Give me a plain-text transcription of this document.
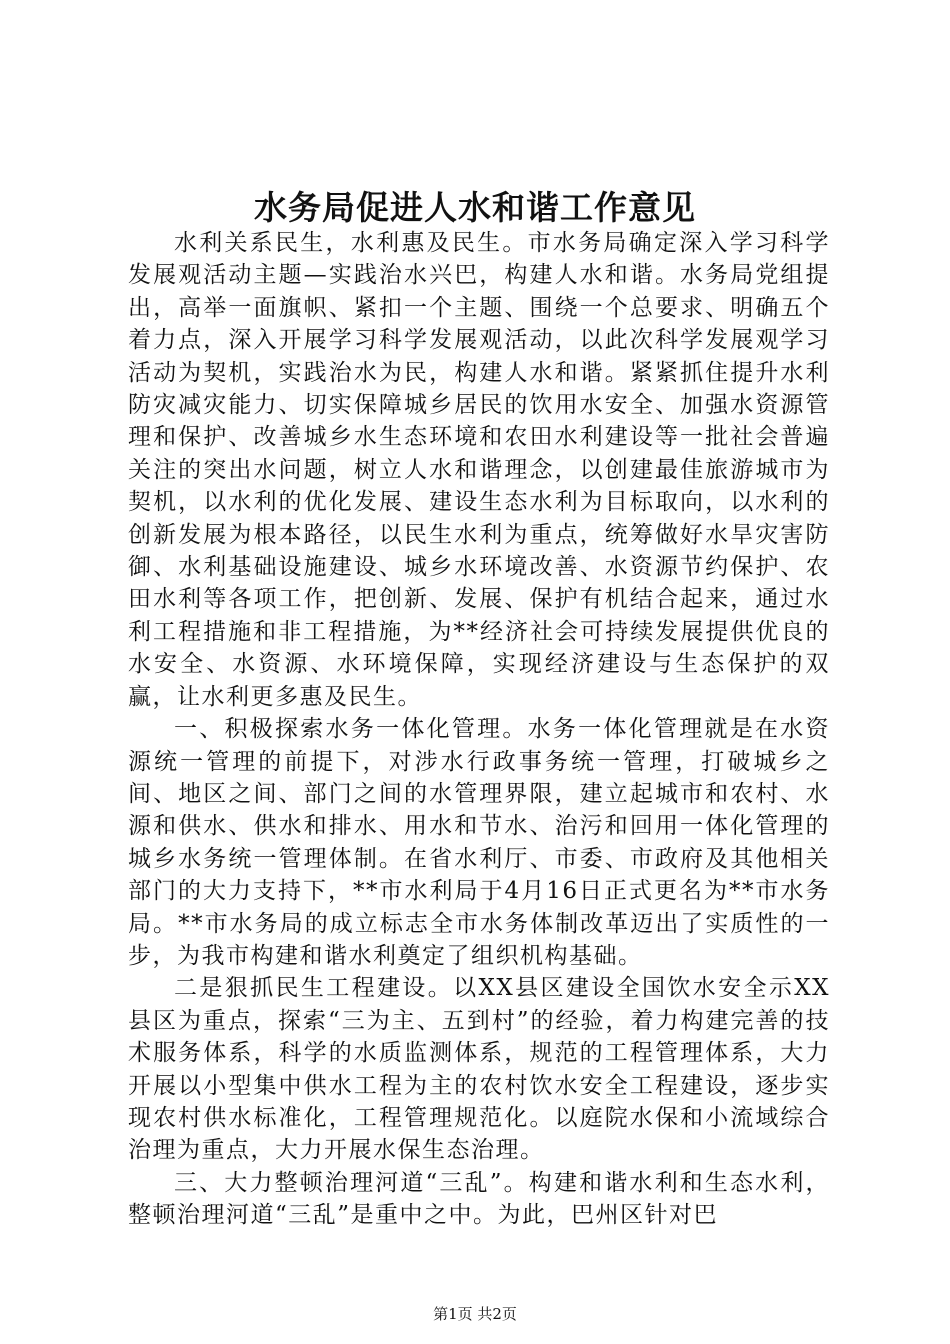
水务局促进人水和谐工作意见

水利关系民生，水利惠及民生。市水务局确定深入学习科学发展观活动主题—实践治水兴巴，构建人水和谐。水务局党组提出，高举一面旗帜、紧扣一个主题、围绕一个总要求、明确五个着力点，深入开展学习科学发展观活动，以此次科学发展观学习活动为契机，实践治水为民，构建人水和谐。紧紧抓住提升水利防灾减灾能力、切实保障城乡居民的饮用水安全、加强水资源管理和保护、改善城乡水生态环境和农田水利建设等一批社会普遍关注的突出水问题，树立人水和谐理念，以创建最佳旅游城市为契机，以水利的优化发展、建设生态水利为目标取向，以水利的创新发展为根本路径，以民生水利为重点，统筹做好水旱灾害防御、水利基础设施建设、城乡水环境改善、水资源节约保护、农田水利等各项工作，把创新、发展、保护有机结合起来，通过水利工程措施和非工程措施，为**经济社会可持续发展提供优良的水安全、水资源、水环境保障，实现经济建设与生态保护的双赢，让水利更多惠及民生。

一、积极探索水务一体化管理。水务一体化管理就是在水资源统一管理的前提下，对涉水行政事务统一管理，打破城乡之间、地区之间、部门之间的水管理界限，建立起城市和农村、水源和供水、供水和排水、用水和节水、治污和回用一体化管理的城乡水务统一管理体制。在省水利厅、市委、市政府及其他相关部门的大力支持下，**市水利局于4月16日正式更名为**市水务局。**市水务局的成立标志全市水务体制改革迈出了实质性的一步，为我市构建和谐水利奠定了组织机构基础。

二是狠抓民生工程建设。以XX县区建设全国饮水安全示XX县区为重点，探索“三为主、五到村”的经验，着力构建完善的技术服务体系，科学的水质监测体系，规范的工程管理体系，大力开展以小型集中供水工程为主的农村饮水安全工程建设，逐步实现农村供水标准化，工程管理规范化。以庭院水保和小流域综合治理为重点，大力开展水保生态治理。

三、大力整顿治理河道“三乱”。构建和谐水利和生态水利，整顿治理河道“三乱”是重中之中。为此，巴州区针对巴

第1页 共2页
